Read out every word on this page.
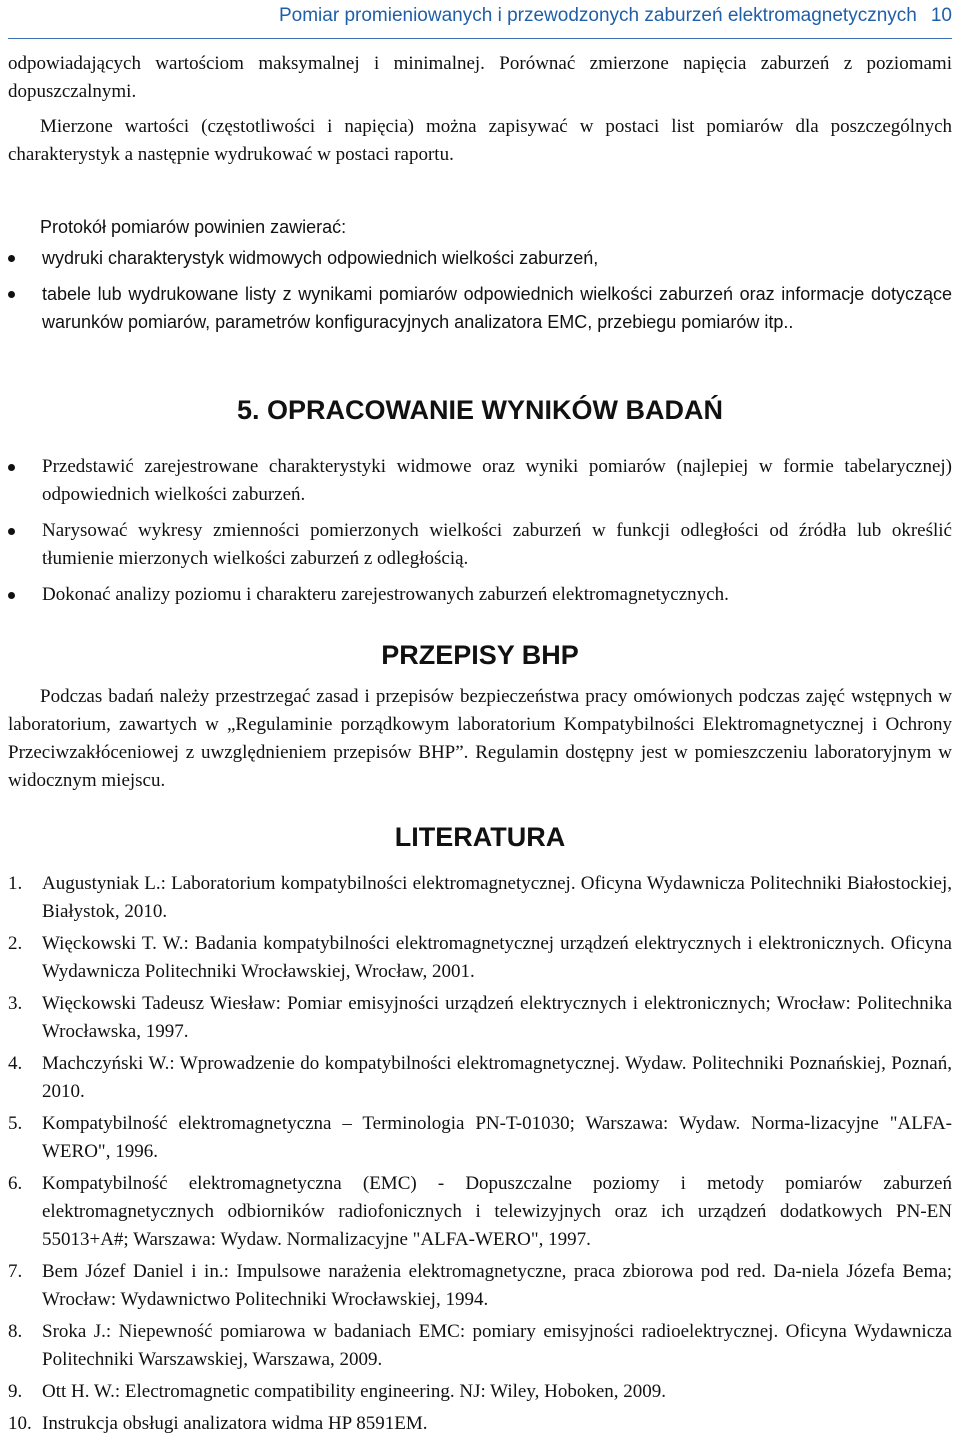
Pomiar promieniowanych i przewodzonych zaburzeń elektromagnetycznych 10

odpowiadających wartościom maksymalnej i minimalnej. Porównać zmierzone napięcia zaburzeń z poziomami dopuszczalnymi.

Mierzone wartości (częstotliwości i napięcia) można zapisywać w postaci list pomiarów dla poszczególnych charakterystyk a następnie wydrukować w postaci raportu.

Protokół pomiarów powinien zawierać:

wydruki charakterystyk widmowych odpowiednich wielkości zaburzeń,
tabele lub wydrukowane listy z wynikami pomiarów odpowiednich wielkości zaburzeń oraz informacje dotyczące warunków pomiarów, parametrów konfiguracyjnych analizatora EMC, przebiegu pomiarów itp..
5. OPRACOWANIE WYNIKÓW BADAŃ
Przedstawić zarejestrowane charakterystyki widmowe oraz wyniki pomiarów (najlepiej w formie tabelarycznej) odpowiednich wielkości zaburzeń.
Narysować wykresy zmienności pomierzonych wielkości zaburzeń w funkcji odległości od źródła lub określić tłumienie mierzonych wielkości zaburzeń z odległością.
Dokonać analizy poziomu i charakteru zarejestrowanych zaburzeń elektromagnetycznych.
PRZEPISY BHP

Podczas badań należy przestrzegać zasad i przepisów bezpieczeństwa pracy omówionych podczas zajęć wstępnych w laboratorium, zawartych w „Regulaminie porządkowym laboratorium Kompatybilności Elektromagnetycznej i Ochrony Przeciwzakłóceniowej z uwzględnieniem przepisów BHP”. Regulamin dostępny jest w pomieszczeniu laboratoryjnym w widocznym miejscu.

LITERATURA
1. Augustyniak L.: Laboratorium kompatybilności elektromagnetycznej. Oficyna Wydawnicza Politechniki Białostockiej, Białystok, 2010.
2. Więckowski T. W.: Badania kompatybilności elektromagnetycznej urządzeń elektrycznych i elektronicznych. Oficyna Wydawnicza Politechniki Wrocławskiej, Wrocław, 2001.
3. Więckowski Tadeusz Wiesław: Pomiar emisyjności urządzeń elektrycznych i elektronicznych; Wrocław: Politechnika Wrocławska, 1997.
4. Machczyński W.: Wprowadzenie do kompatybilności elektromagnetycznej. Wydaw. Politechniki Poznańskiej, Poznań, 2010.
5. Kompatybilność elektromagnetyczna – Terminologia PN-T-01030; Warszawa: Wydaw. Norma-lizacyjne "ALFA-WERO", 1996.
6. Kompatybilność elektromagnetyczna (EMC) - Dopuszczalne poziomy i metody pomiarów zaburzeń elektromagnetycznych odbiorników radiofonicznych i telewizyjnych oraz ich urządzeń dodatkowych PN-EN 55013+A#; Warszawa: Wydaw. Normalizacyjne "ALFA-WERO", 1997.
7. Bem Józef Daniel i in.: Impulsowe narażenia elektromagnetyczne, praca zbiorowa pod red. Da-niela Józefa Bema; Wrocław: Wydawnictwo Politechniki Wrocławskiej, 1994.
8. Sroka J.: Niepewność pomiarowa w badaniach EMC: pomiary emisyjności radioelektrycznej. Oficyna Wydawnicza Politechniki Warszawskiej, Warszawa, 2009.
9. Ott H. W.: Electromagnetic compatibility engineering. NJ: Wiley, Hoboken, 2009.
10. Instrukcja obsługi analizatora widma HP 8591EM.
